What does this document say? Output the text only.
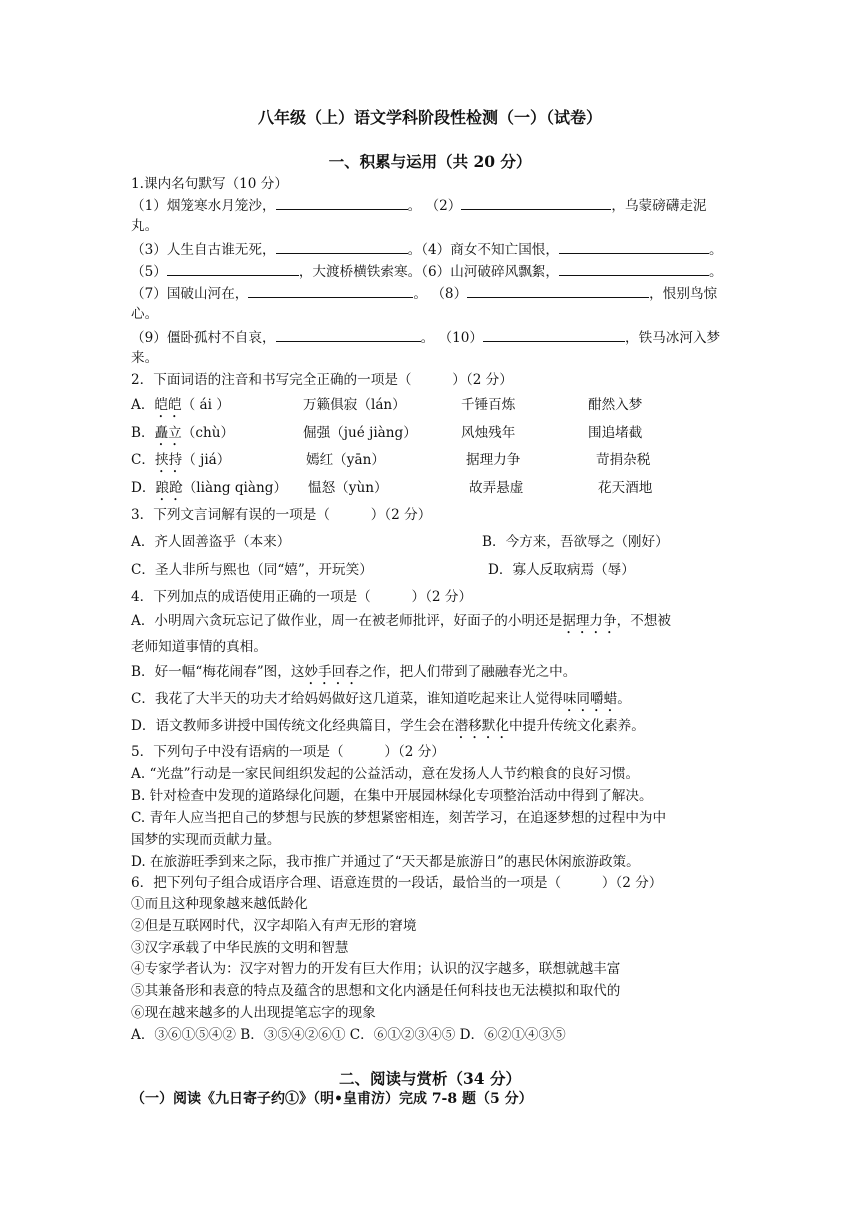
八年级（上）语文学科阶段性检测（一）（试卷）
一、积累与运用（共 20 分）
1.课内名句默写（10 分）
（1）烟笼寒水月笼沙，	。 （2）	，乌蒙磅礴走泥
丸。
（3）人生自古谁无死，	。（4）商女不知亡国恨，	。
（5）	，大渡桥横铁索寒。（6）山河破碎风飘絮，	。
（7）国破山河在，	。 （8）	，恨别鸟惊
心。
（9）僵卧孤村不自哀，	。 （10）	，铁马冰河入梦
来。
2．下面词语的注音和书写完全正确的一项是（　　　）（2 分）
A．皑皑（ ái ）	万籁俱寂（lán）	千锤百炼	酣然入梦
B．矗立（chù）	倔强（jué jiàng）	风烛残年	围追堵截
C．挟持（ jiá）	嫣红（yān）	据理力争	苛捐杂税
D．踉跄（liàng qiàng） 愠怒（yùn）	故弄悬虚	花天酒地
3．下列文言词解有误的一项是（　　　）（2 分）
A．齐人固善盗乎（本来）	B．今方来，吾欲辱之（刚好）
C．圣人非所与熙也（同“嬉”，开玩笑）	D．寡人反取病焉（辱）
4．下列加点的成语使用正确的一项是（　　　）（2 分）
A．小明周六贪玩忘记了做作业，周一在被老师批评，好面子的小明还是据理力争，不想被
老师知道事情的真相。
B．好一幅“梅花闹春”图，这妙手回春之作，把人们带到了融融春光之中。
C．我花了大半天的功夫才给妈妈做好这几道菜，谁知道吃起来让人觉得味同嚼蜡。
D．语文教师多讲授中国传统文化经典篇目，学生会在潜移默化中提升传统文化素养。
5．下列句子中没有语病的一项是（　　　）（2 分）
A. “光盘”行动是一家民间组织发起的公益活动，意在发扬人人节约粮食的良好习惯。
B. 针对检查中发现的道路绿化问题，在集中开展园林绿化专项整治活动中得到了解决。
C. 青年人应当把自己的梦想与民族的梦想紧密相连，刻苦学习，在追逐梦想的过程中为中
国梦的实现而贡献力量。
D. 在旅游旺季到来之际，我市推广并通过了“天天都是旅游日”的惠民休闲旅游政策。
6．把下列句子组合成语序合理、语意连贯的一段话，最恰当的一项是（　　　）（2 分）
①而且这种现象越来越低龄化
②但是互联网时代，汉字却陷入有声无形的窘境
③汉字承载了中华民族的文明和智慧
④专家学者认为：汉字对智力的开发有巨大作用；认识的汉字越多，联想就越丰富
⑤其兼备形和表意的特点及蕴含的思想和文化内涵是任何科技也无法模拟和取代的
⑥现在越来越多的人出现提笔忘字的现象
A．③⑥①⑤④② B．③⑤④②⑥① C．⑥①②③④⑤ D．⑥②①④③⑤
二、阅读与赏析（34 分）
（一）阅读《九日寄子约①》（明•皇甫汸）完成 7-8 题（5 分）
